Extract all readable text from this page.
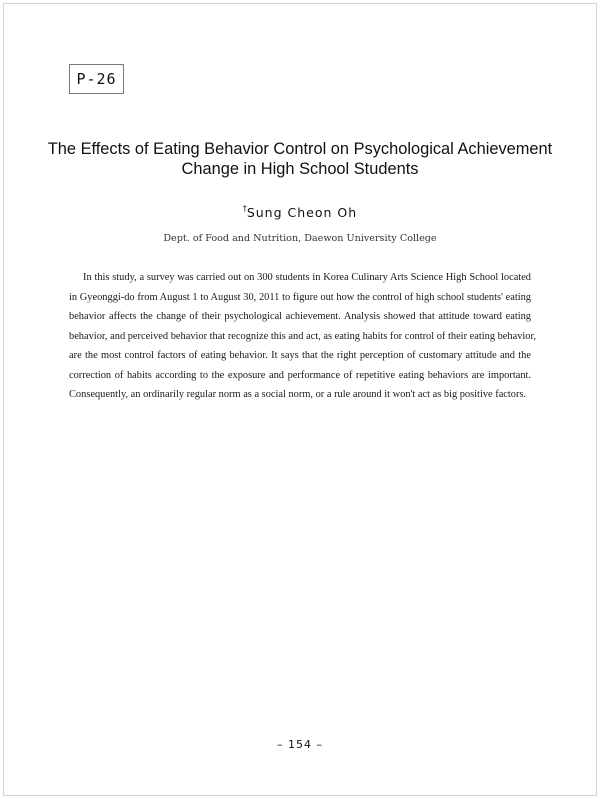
P-26
The Effects of Eating Behavior Control on Psychological Achievement
Change in High School Students
†Sung Cheon Oh
Dept. of Food and Nutrition, Daewon University College
In this study, a survey was carried out on 300 students in Korea Culinary Arts Science High School located
in Gyeonggi-do from August 1 to August 30, 2011 to figure out how the control of high school students' eating
behavior affects the change of their psychological achievement. Analysis showed that attitude toward eating
behavior, and perceived behavior that recognize this and act, as eating habits for control of their eating behavior,
are the most control factors of eating behavior. It says that the right perception of customary attitude and the
correction of habits according to the exposure and performance of repetitive eating behaviors are important.
Consequently, an ordinarily regular norm as a social norm, or a rule around it won't act as big positive factors.
– 154 –
